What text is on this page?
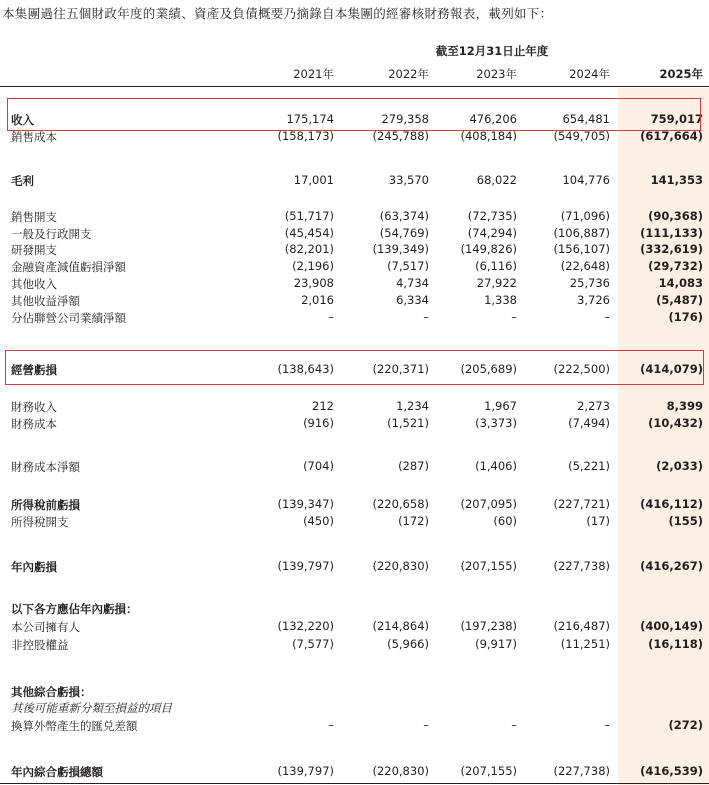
本集團過往五個財政年度的業績、資產及負債概要乃摘錄自本集團的經審核財務報表，載列如下：
截至12月31日止年度
2021年	2022年	2023年	2024年	2025年
收入	175,174	279,358	476,206	654,481	759,017
銷售成本	(158,173)	(245,788)	(408,184)	(549,705)	(617,664)
毛利	17,001	33,570	68,022	104,776	141,353
銷售開支	(51,717)	(63,374)	(72,735)	(71,096)	(90,368)
一般及行政開支	(45,454)	(54,769)	(74,294)	(106,887)	(111,133)
研發開支	(82,201)	(139,349)	(149,826)	(156,107)	(332,619)
金融資產減值虧損淨額	(2,196)	(7,517)	(6,116)	(22,648)	(29,732)
其他收入	23,908	4,734	27,922	25,736	14,083
其他收益淨額	2,016	6,334	1,338	3,726	(5,487)
分佔聯營公司業績淨額	–	–	–	–	(176)
經營虧損	(138,643)	(220,371)	(205,689)	(222,500)	(414,079)
財務收入	212	1,234	1,967	2,273	8,399
財務成本	(916)	(1,521)	(3,373)	(7,494)	(10,432)
財務成本淨額	(704)	(287)	(1,406)	(5,221)	(2,033)
所得稅前虧損	(139,347)	(220,658)	(207,095)	(227,721)	(416,112)
所得稅開支	(450)	(172)	(60)	(17)	(155)
年內虧損	(139,797)	(220,830)	(207,155)	(227,738)	(416,267)
以下各方應佔年內虧損：
本公司擁有人	(132,220)	(214,864)	(197,238)	(216,487)	(400,149)
非控股權益	(7,577)	(5,966)	(9,917)	(11,251)	(16,118)
其他綜合虧損：
其後可能重新分類至損益的項目
換算外幣產生的匯兑差額	–	–	–	–	(272)
年內綜合虧損總額	(139,797)	(220,830)	(207,155)	(227,738)	(416,539)
